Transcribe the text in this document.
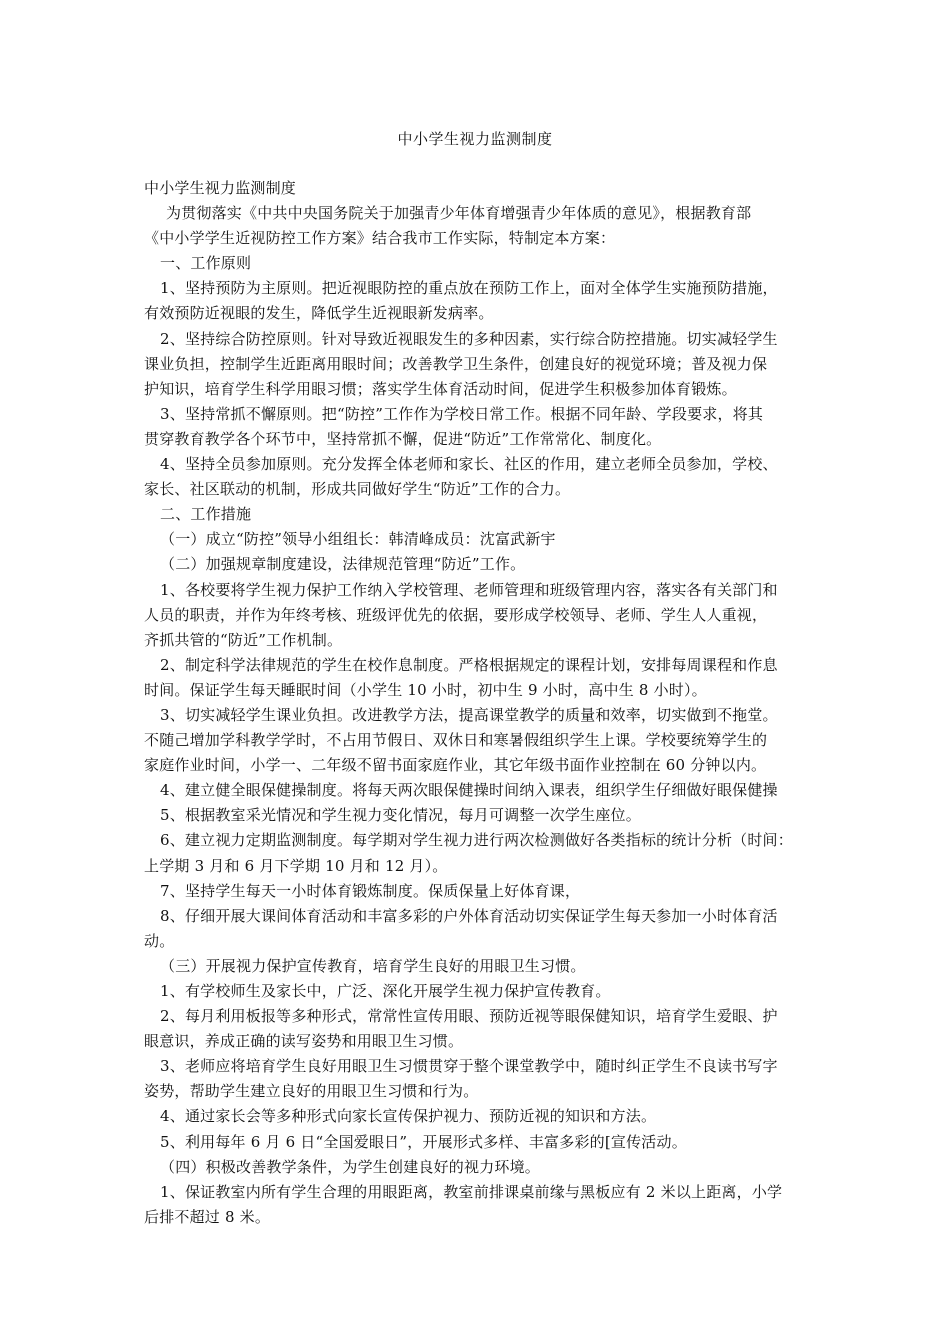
中小学生视力监测制度

中小学生视力监测制度

为贯彻落实《中共中央国务院关于加强青少年体育增强青少年体质的意见》，根据教育部

《中小学学生近视防控工作方案》结合我市工作实际，特制定本方案：

一、工作原则

1、坚持预防为主原则。把近视眼防控的重点放在预防工作上，面对全体学生实施预防措施，

有效预防近视眼的发生，降低学生近视眼新发病率。

2、坚持综合防控原则。针对导致近视眼发生的多种因素，实行综合防控措施。切实减轻学生

课业负担，控制学生近距离用眼时间；改善教学卫生条件，创建良好的视觉环境；普及视力保

护知识，培育学生科学用眼习惯；落实学生体育活动时间，促进学生积极参加体育锻炼。

3、坚持常抓不懈原则。把“防控”工作作为学校日常工作。根据不同年龄、学段要求，将其

贯穿教育教学各个环节中，坚持常抓不懈，促进“防近”工作常常化、制度化。

4、坚持全员参加原则。充分发挥全体老师和家长、社区的作用，建立老师全员参加，学校、

家长、社区联动的机制，形成共同做好学生“防近”工作的合力。

二、工作措施

（一）成立“防控”领导小组组长：韩清峰成员：沈富武新宇

（二）加强规章制度建设，法律规范管理“防近”工作。

1、各校要将学生视力保护工作纳入学校管理、老师管理和班级管理内容，落实各有关部门和

人员的职责，并作为年终考核、班级评优先的依据，要形成学校领导、老师、学生人人重视，

齐抓共管的“防近”工作机制。

2、制定科学法律规范的学生在校作息制度。严格根据规定的课程计划，安排每周课程和作息

时间。保证学生每天睡眠时间（小学生 10 小时，初中生 9 小时，高中生 8 小时）。

3、切实减轻学生课业负担。改进教学方法，提高课堂教学的质量和效率，切实做到不拖堂。

不随己增加学科教学学时，不占用节假日、双休日和寒暑假组织学生上课。学校要统筹学生的

家庭作业时间，小学一、二年级不留书面家庭作业，其它年级书面作业控制在 60 分钟以内。

4、建立健全眼保健操制度。将每天两次眼保健操时间纳入课表，组织学生仔细做好眼保健操

5、根据教室采光情况和学生视力变化情况，每月可调整一次学生座位。

6、建立视力定期监测制度。每学期对学生视力进行两次检测做好各类指标的统计分析（时间：

上学期 3 月和 6 月下学期 10 月和 12 月）。

7、坚持学生每天一小时体育锻炼制度。保质保量上好体育课，

8、仔细开展大课间体育活动和丰富多彩的户外体育活动切实保证学生每天参加一小时体育活

动。

（三）开展视力保护宣传教育，培育学生良好的用眼卫生习惯。

1、有学校师生及家长中，广泛、深化开展学生视力保护宣传教育。

2、每月利用板报等多种形式，常常性宣传用眼、预防近视等眼保健知识，培育学生爱眼、护

眼意识，养成正确的读写姿势和用眼卫生习惯。

3、老师应将培育学生良好用眼卫生习惯贯穿于整个课堂教学中，随时纠正学生不良读书写字

姿势，帮助学生建立良好的用眼卫生习惯和行为。

4、通过家长会等多种形式向家长宣传保护视力、预防近视的知识和方法。

5、利用每年 6 月 6 日“全国爱眼日”，开展形式多样、丰富多彩的[宣传活动。

（四）积极改善教学条件，为学生创建良好的视力环境。

1、保证教室内所有学生合理的用眼距离，教室前排课桌前缘与黑板应有 2 米以上距离，小学

后排不超过 8 米。
